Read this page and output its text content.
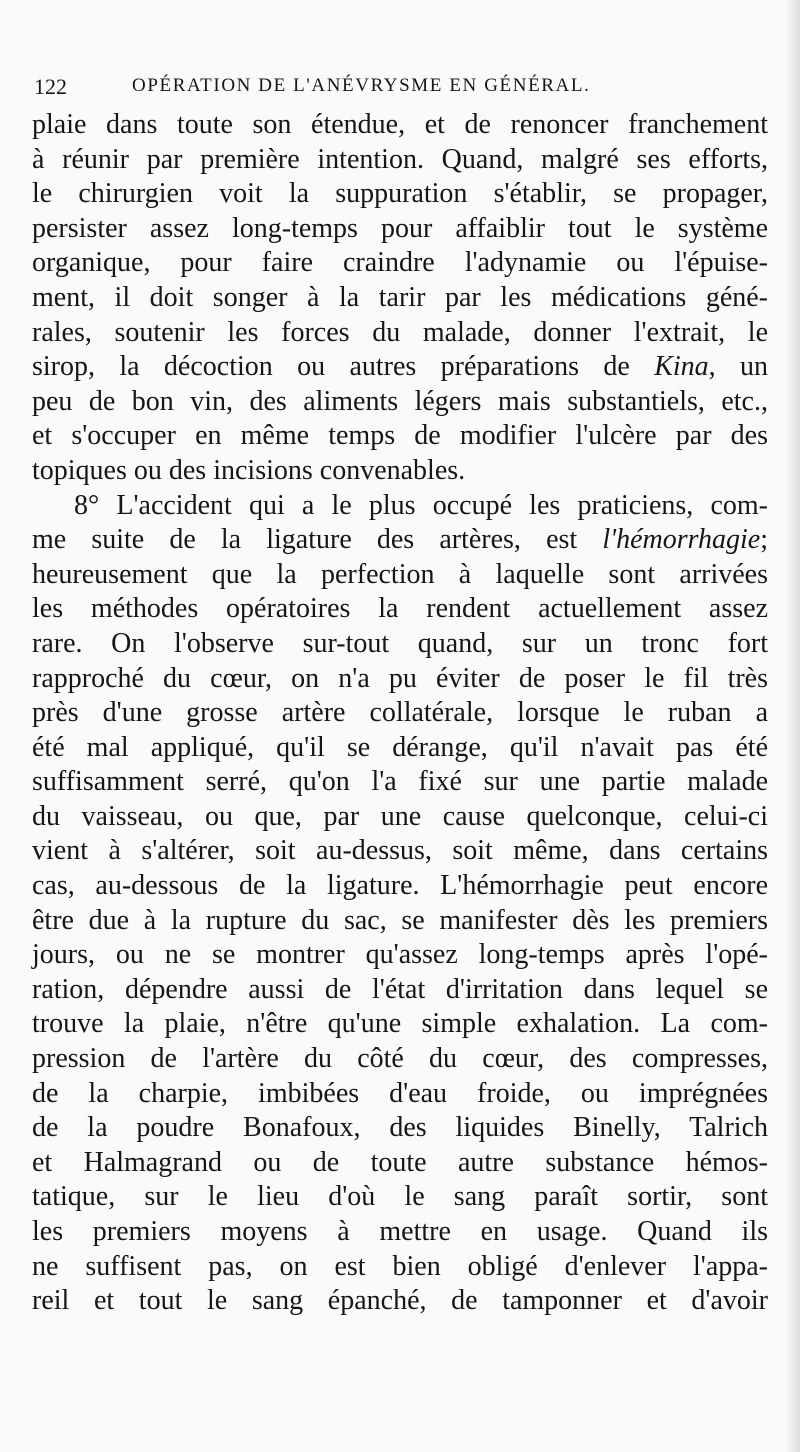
122	OPÉRATION DE L'ANÉVRYSME EN GÉNÉRAL.
plaie dans toute son étendue, et de renoncer franchement
à réunir par première intention. Quand, malgré ses efforts,
le chirurgien voit la suppuration s'établir, se propager,
persister assez long-temps pour affaiblir tout le système
organique, pour faire craindre l'adynamie ou l'épuise-
ment, il doit songer à la tarir par les médications géné-
rales, soutenir les forces du malade, donner l'extrait, le
sirop, la décoction ou autres préparations de Kina, un
peu de bon vin, des aliments légers mais substantiels, etc.,
et s'occuper en même temps de modifier l'ulcère par des
topiques ou des incisions convenables.
8° L'accident qui a le plus occupé les praticiens, com-
me suite de la ligature des artères, est l'hémorrhagie;
heureusement que la perfection à laquelle sont arrivées
les méthodes opératoires la rendent actuellement assez
rare. On l'observe sur-tout quand, sur un tronc fort
rapproché du cœur, on n'a pu éviter de poser le fil très
près d'une grosse artère collatérale, lorsque le ruban a
été mal appliqué, qu'il se dérange, qu'il n'avait pas été
suffisamment serré, qu'on l'a fixé sur une partie malade
du vaisseau, ou que, par une cause quelconque, celui-ci
vient à s'altérer, soit au-dessus, soit même, dans certains
cas, au-dessous de la ligature. L'hémorrhagie peut encore
être due à la rupture du sac, se manifester dès les premiers
jours, ou ne se montrer qu'assez long-temps après l'opé-
ration, dépendre aussi de l'état d'irritation dans lequel se
trouve la plaie, n'être qu'une simple exhalation. La com-
pression de l'artère du côté du cœur, des compresses,
de la charpie, imbibées d'eau froide, ou imprégnées
de la poudre Bonafoux, des liquides Binelly, Talrich
et Halmagrand ou de toute autre substance hémos-
tatique, sur le lieu d'où le sang paraît sortir, sont
les premiers moyens à mettre en usage. Quand ils
ne suffisent pas, on est bien obligé d'enlever l'appa-
reil et tout le sang épanché, de tamponner et d'avoir
